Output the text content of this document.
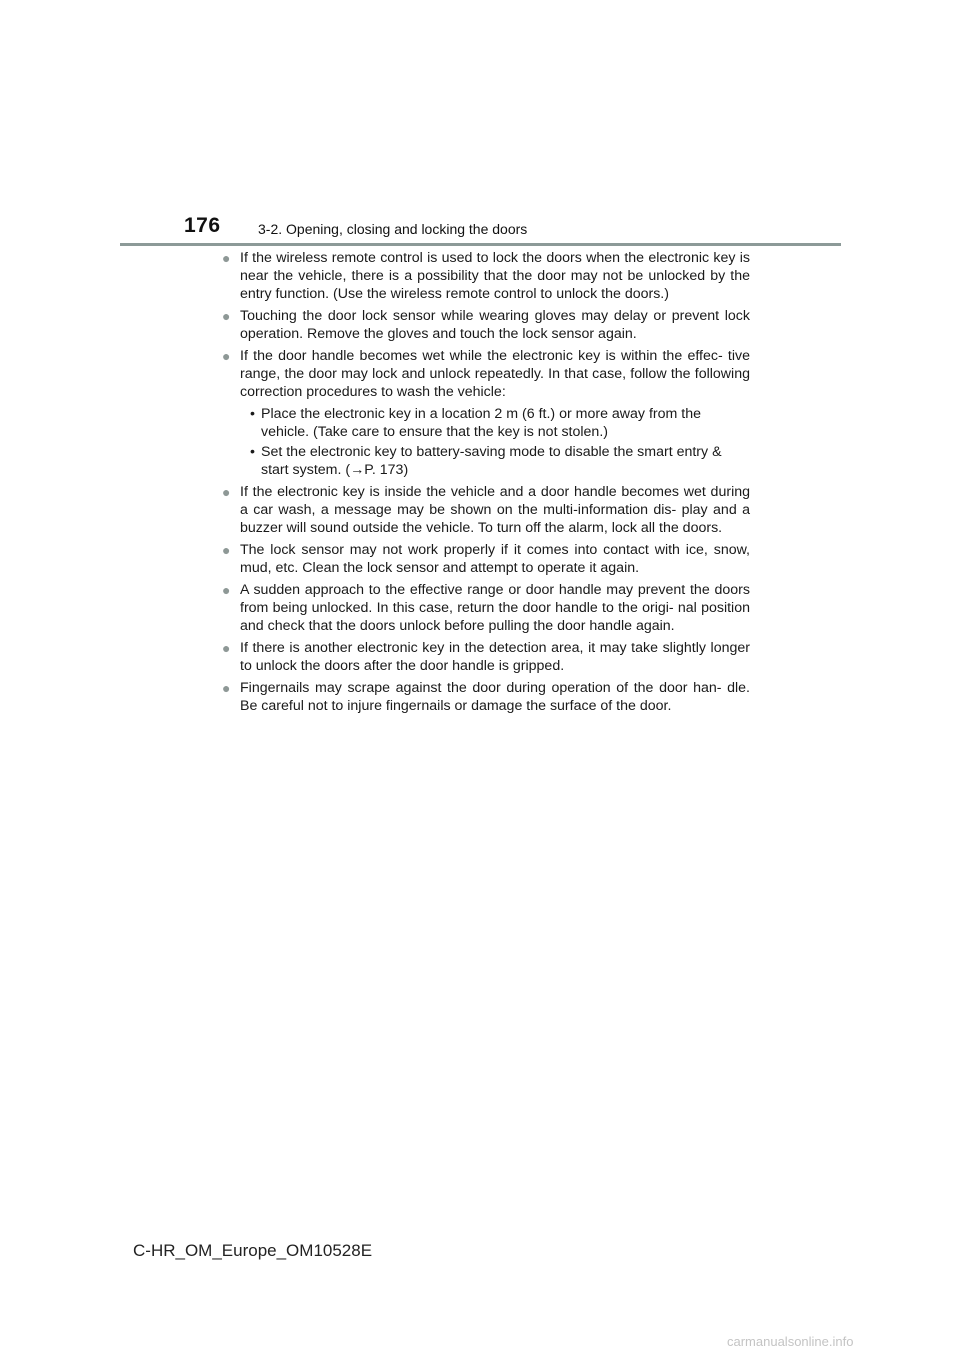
176	3-2. Opening, closing and locking the doors
● If the wireless remote control is used to lock the doors when the electronic key is near the vehicle, there is a possibility that the door may not be unlocked by the entry function. (Use the wireless remote control to unlock the doors.)
● Touching the door lock sensor while wearing gloves may delay or prevent lock operation. Remove the gloves and touch the lock sensor again.
● If the door handle becomes wet while the electronic key is within the effec- tive range, the door may lock and unlock repeatedly. In that case, follow the following correction procedures to wash the vehicle:
• Place the electronic key in a location 2 m (6 ft.) or more away from the vehicle. (Take care to ensure that the key is not stolen.)
• Set the electronic key to battery-saving mode to disable the smart entry & start system. (→P. 173)
● If the electronic key is inside the vehicle and a door handle becomes wet during a car wash, a message may be shown on the multi-information dis- play and a buzzer will sound outside the vehicle. To turn off the alarm, lock all the doors.
● The lock sensor may not work properly if it comes into contact with ice, snow, mud, etc. Clean the lock sensor and attempt to operate it again.
● A sudden approach to the effective range or door handle may prevent the doors from being unlocked. In this case, return the door handle to the origi- nal position and check that the doors unlock before pulling the door handle again.
● If there is another electronic key in the detection area, it may take slightly longer to unlock the doors after the door handle is gripped.
● Fingernails may scrape against the door during operation of the door han- dle. Be careful not to injure fingernails or damage the surface of the door.
C-HR_OM_Europe_OM10528E
carmanualsonline.info
